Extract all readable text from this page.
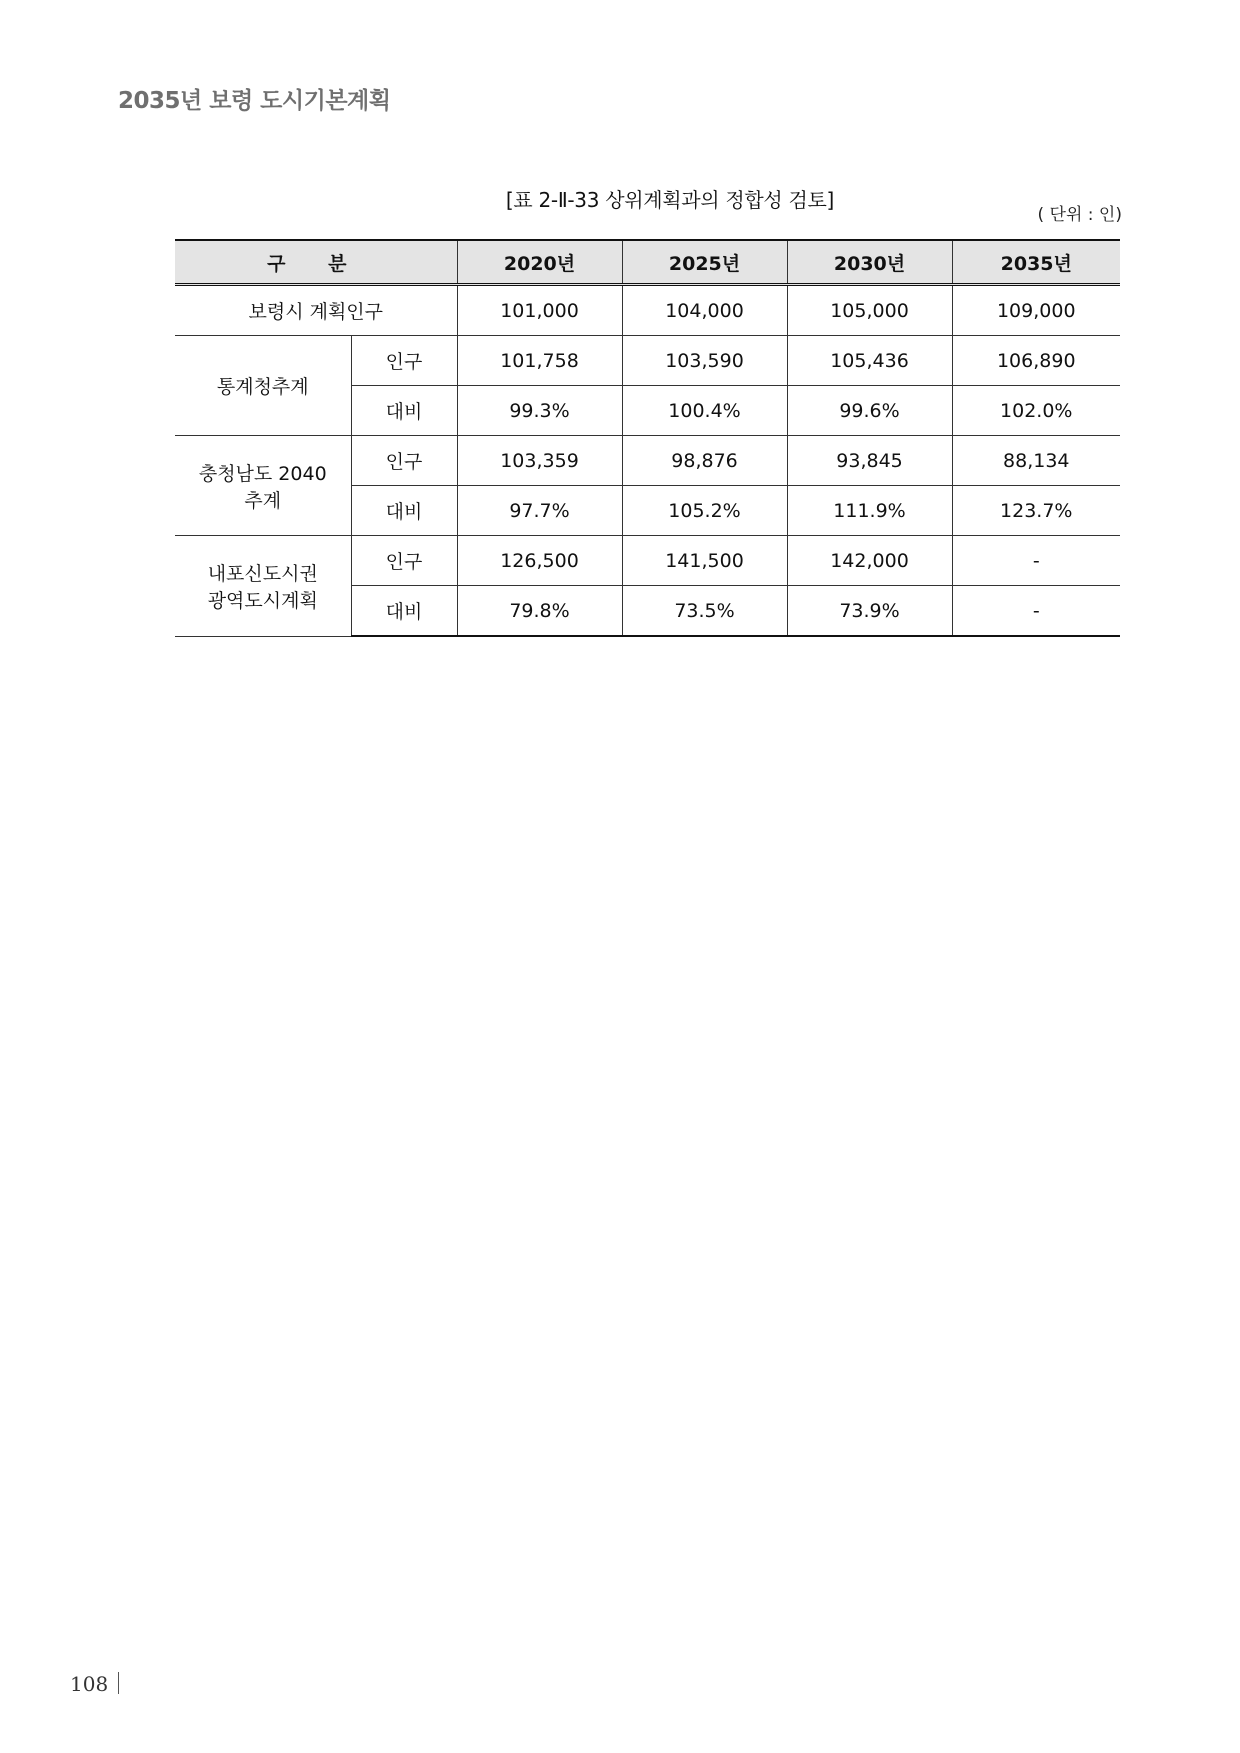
2035년 보령 도시기본계획
[표 2-Ⅱ-33 상위계획과의 정합성 검토]
( 단위 : 인)
구 분		2020년	2025년	2030년	2035년
보령시 계획인구		101,000	104,000	105,000	109,000
통계청추계	인구	101,758	103,590	105,436	106,890
	대비	99.3%	100.4%	99.6%	102.0%

충청남도 2040
추계	인구	103,359	98,876	93,845	88,134
	대비	97.7%	105.2%	111.9%	123.7%

내포신도시권
광역도시계획	인구	126,500	141,500	142,000	-
	대비	79.8%	73.5%	73.9%	-
108
